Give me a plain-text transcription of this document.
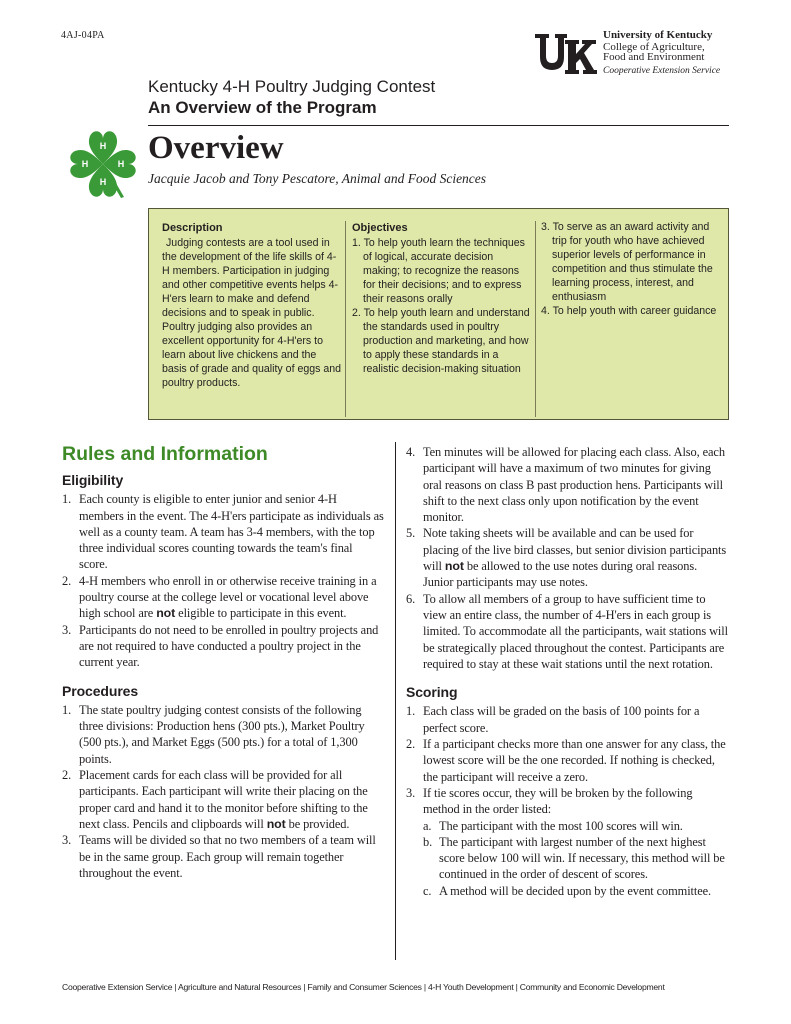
4AJ-04PA	University of Kentucky
College of Agriculture,
Food and Environment
Cooperative Extension Service
Kentucky 4-H Poultry Judging Contest
An Overview of the Program
H
H
H	H Overview
Jacquie Jacob and Tony Pescatore, Animal and Food Sciences
Description
Judging contests are a tool used in the development of the life skills of 4-H members. Participation in judging and other competitive events helps 4-H'ers learn to make and defend decisions and to speak in public. Poultry judging also provides an excellent opportunity for 4-H'ers to learn about live chickens and the basis of grade and quality of eggs and poultry products.
Objectives
1. To help youth learn the techniques of logical, accurate decision making; to recognize the reasons for their decisions; and to express their reasons orally
2. To help youth learn and understand the standards used in poultry production and marketing, and how to apply these standards in a realistic decision-making situation
3. To serve as an award activity and trip for youth who have achieved superior levels of performance in competition and thus stimulate the learning process, interest, and enthusiasm
4. To help youth with career guidance
Rules and Information
Eligibility
1. Each county is eligible to enter junior and senior 4-H members in the event. The 4-H'ers participate as individuals as well as a county team. A team has 3-4 members, with the top three individual scores counting towards the team's final score.
2. 4-H members who enroll in or otherwise receive training in a poultry course at the college level or vocational level above high school are not eligible to participate in this event.
3. Participants do not need to be enrolled in poultry projects and are not required to have conducted a poultry project in the current year.
Procedures
1. The state poultry judging contest consists of the following three divisions: Production hens (300 pts.), Market Poultry (500 pts.), and Market Eggs (500 pts.) for a total of 1,300 points.
2. Placement cards for each class will be provided for all participants. Each participant will write their placing on the proper card and hand it to the monitor before shifting to the next class. Pencils and clipboards will not be provided.
3. Teams will be divided so that no two members of a team will be in the same group. Each group will remain together throughout the event.
4. Ten minutes will be allowed for placing each class. Also, each participant will have a maximum of two minutes for giving oral reasons on class B past production hens. Participants will shift to the next class only upon notification by the event monitor.
5. Note taking sheets will be available and can be used for placing of the live bird classes, but senior division participants will not be allowed to the use notes during oral reasons. Junior participants may use notes.
6. To allow all members of a group to have sufficient time to view an entire class, the number of 4-H'ers in each group is limited. To accommodate all the participants, wait stations will be strategically placed throughout the contest. Participants are required to stay at these wait stations until the next rotation.
Scoring
1. Each class will be graded on the basis of 100 points for a perfect score.
2. If a participant checks more than one answer for any class, the lowest score will be the one recorded. If nothing is checked, the participant will receive a zero.
3. If tie scores occur, they will be broken by the following method in the order listed:
a. The participant with the most 100 scores will win.
b. The participant with largest number of the next highest score below 100 will win. If necessary, this method will be continued in the order of descent of scores.
c. A method will be decided upon by the event committee.
Cooperative Extension Service | Agriculture and Natural Resources | Family and Consumer Sciences | 4-H Youth Development | Community and Economic Development
